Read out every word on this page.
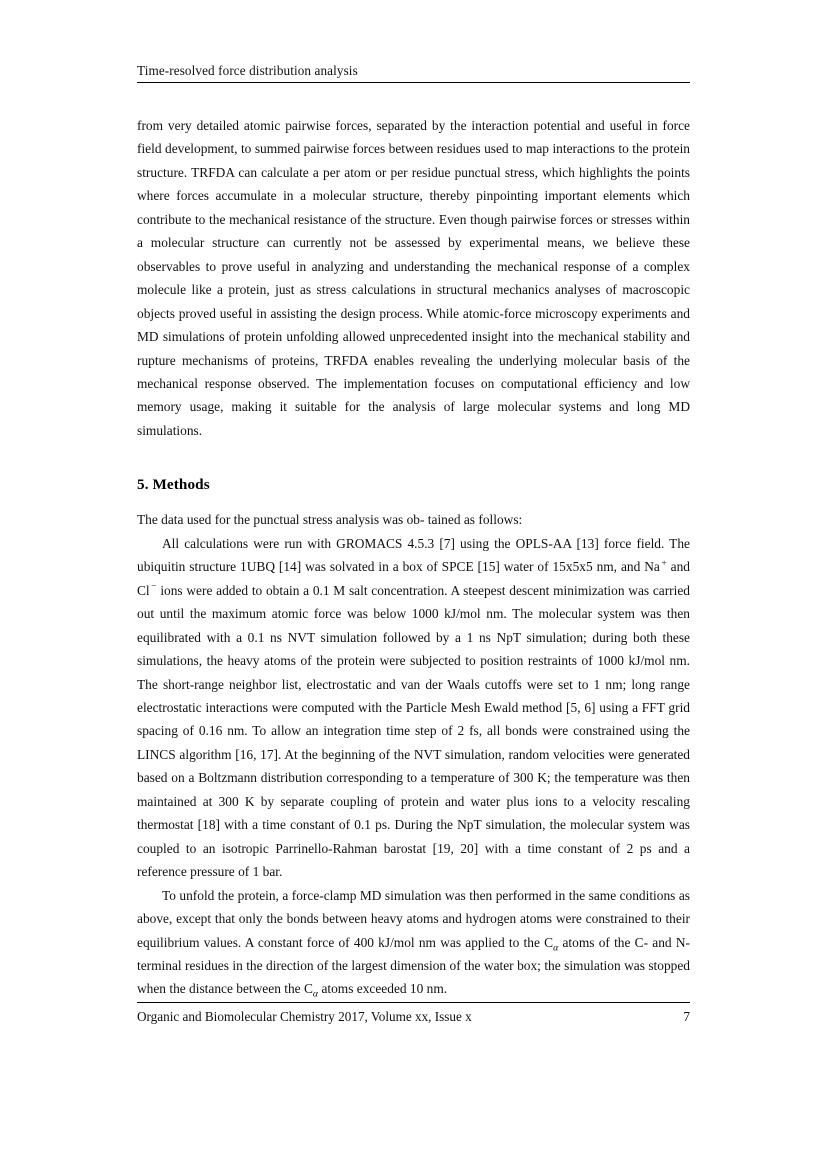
Time-resolved force distribution analysis

from very detailed atomic pairwise forces, separated by the interaction potential and useful in force field development, to summed pairwise forces between residues used to map interactions to the protein structure. TRFDA can calculate a per atom or per residue punctual stress, which highlights the points where forces accumulate in a molecular structure, thereby pinpointing important elements which contribute to the mechanical resistance of the structure. Even though pairwise forces or stresses within a molecular structure can currently not be assessed by experimental means, we believe these observables to prove useful in analyzing and understanding the mechanical response of a complex molecule like a protein, just as stress calculations in structural mechanics analyses of macroscopic objects proved useful in assisting the design process. While atomic-force microscopy experiments and MD simulations of protein unfolding allowed unprecedented insight into the mechanical stability and rupture mechanisms of proteins, TRFDA enables revealing the underlying molecular basis of the mechanical response observed. The implementation focuses on computational efficiency and low memory usage, making it suitable for the analysis of large molecular systems and long MD simulations.

5. Methods

The data used for the punctual stress analysis was ob- tained as follows:

All calculations were run with GROMACS 4.5.3 [7] using the OPLS-AA [13] force field. The ubiquitin structure 1UBQ [14] was solvated in a box of SPCE [15] water of 15x5x5 nm, and Na + and Cl − ions were added to obtain a 0.1 M salt concentration. A steepest descent minimization was carried out until the maximum atomic force was below 1000 kJ/mol nm. The molecular system was then equilibrated with a 0.1 ns NVT simulation followed by a 1 ns NpT simulation; during both these simulations, the heavy atoms of the protein were subjected to position restraints of 1000 kJ/mol nm. The short-range neighbor list, electrostatic and van der Waals cutoffs were set to 1 nm; long range electrostatic interactions were computed with the Particle Mesh Ewald method [5, 6] using a FFT grid spacing of 0.16 nm. To allow an integration time step of 2 fs, all bonds were constrained using the LINCS algorithm [16, 17]. At the beginning of the NVT simulation, random velocities were generated based on a Boltzmann distribution corresponding to a temperature of 300 K; the temperature was then maintained at 300 K by separate coupling of protein and water plus ions to a velocity rescaling thermostat [18] with a time constant of 0.1 ps. During the NpT simulation, the molecular system was coupled to an isotropic Parrinello-Rahman barostat [19, 20] with a time constant of 2 ps and a reference pressure of 1 bar.

To unfold the protein, a force-clamp MD simulation was then performed in the same conditions as above, except that only the bonds between heavy atoms and hydrogen atoms were constrained to their equilibrium values. A constant force of 400 kJ/mol nm was applied to the $C_\alpha$ atoms of the C- and N-terminal residues in the direction of the largest dimension of the water box; the simulation was stopped when the distance between the $C_\alpha$ atoms exceeded 10 nm.

Organic and Biomolecular Chemistry 2017, Volume xx, Issue x	7
